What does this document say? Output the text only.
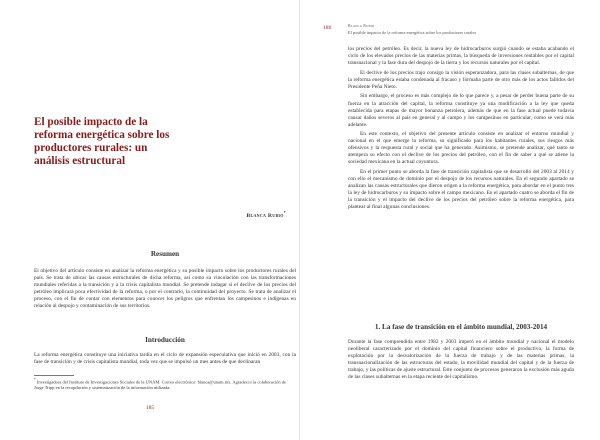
El posible impacto de la reforma energética sobre los productores rurales: un análisis estructural
Blanca Rubio*
Resumen

El objetivo del artículo consiste en analizar la reforma energética y su posible impacto sobre los productores rurales del país. Se trata de ubicar las causas estructurales de dicha reforma, así como su vinculación con las transformaciones mundiales referidas a la transición y a la crisis capitalista mundial. Se pretende indagar si el declive de los precios del petróleo implicará poca efectividad de la reforma, o por el contrario, la continuidad del proyecto. Se trata de analizar el proceso, con el fin de contar con elementos para conocer los peligros que enfrentan los campesinos e indígenas en relación al despojo y contaminación de sus territorios.

Introducción

La reforma energética constituye una iniciativa tardía en el ciclo de expansión especulativa que inició en 2003, con la fase de transición y de crisis capitalista mundial, toda vez que se impulsó un mes antes de que declinaran

* Investigadora del Instituto de Investigaciones Sociales de la UNAM. Correo electrónico: blanca@unam.mx. Agradezco la colaboración de Jorge Tripp en la recopilación y sistematización de la información utilizada.

185
186	Blanca Rubio
El posible impacto de la reforma energética sobre los productores rurales

los precios del petróleo. Es decir, la nueva ley de hidrocarburos surgió cuando se estaba acabando el ciclo de los elevados precios de las materias primas, la búsqueda de inversiones rentables por el capital transnacional y la fase dura del despojo de la tierra y los recursos naturales por el capital.

El declive de los precios trajo consigo la visión esperanzadora, para las clases subalternas, de que la reforma energética estaba condenada al fracaso y formaba parte de otro más de los actos fallidos del Presidente Peña Nieto.

Sin embargo, el proceso es más complejo de lo que parece y, a pesar de perder buena parte de su fuerza en la atracción del capital, la reforma constituye ya una modificación a la ley que queda establecida para etapas de mayor bonanza petrolera, además de que en la fase actual puede todavía causar daños severos al país en general y al campo y los campesinos en particular, como se verá más adelante.

En este contexto, el objetivo del presente artículo consiste en analizar el entorno mundial y nacional en el que emerge la reforma, su significado para los habitantes rurales, sus riesgos más ofensivos y la respuesta rural y social que ha generado. Asimismo, se pretende analizar, qué tanto se atempera su efecto con el declive de los precios del petróleo, con el fin de saber a qué se atiene la sociedad mexicana en la actual coyuntura.

En el primer punto se aborda la fase de transición capitalista que se desarrolló del 2003 al 2014 y con ello el mecanismo de dominio por el despojo de los recursos naturales. En el segundo apartado se analizan las causas estructurales que dieron origen a la reforma energética, para abordar en el punto tres la ley de hidrocarburos y su impacto sobre el campo mexicano. En el apartado cuatro se aborda el fin de la transición y el impacto del declive de los precios del petróleo sobre la reforma energética, para plantear al final algunas conclusiones.

1. La fase de transición en el ámbito mundial, 2003-2014

Durante la fase comprendida entre 1982 y 2003 imperó en el ámbito mundial y nacional el modelo neoliberal caracterizado por el dominio del capital financiero sobre el productivo, la forma de explotación por la desvalorización de la fuerza de trabajo y de las materias primas, la transnacionalización de las estructuras del estado, la movilidad mundial del capital y de la fuerza de trabajo, y las políticas de ajuste estructural. Este conjunto de procesos generaron la exclusión más aguda de las clases subalternas en la etapa reciente del capitalismo.
